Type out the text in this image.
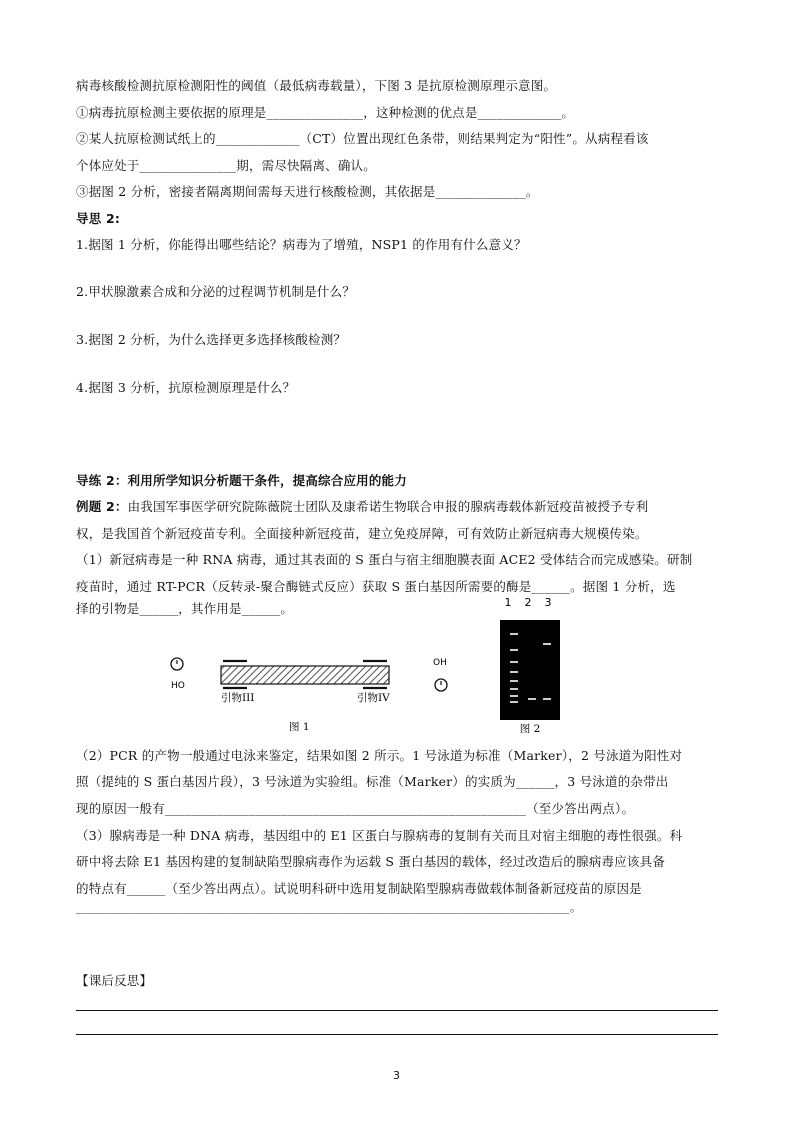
病毒核酸检测抗原检测阳性的阈值（最低病毒载量），下图 3 是抗原检测原理示意图。
①病毒抗原检测主要依据的原理是_______________，这种检测的优点是_____________。
②某人抗原检测试纸上的_____________（CT）位置出现红色条带，则结果判定为“阳性”。从病程看该
个体应处于_______________期，需尽快隔离、确认。
③据图 2 分析，密接者隔离期间需每天进行核酸检测，其依据是______________。
导思 2:
1.据图 1 分析，你能得出哪些结论？病毒为了增殖，NSP1 的作用有什么意义？
2.甲状腺激素合成和分泌的过程调节机制是什么？
3.据图 2 分析，为什么选择更多选择核酸检测？
4.据图 3 分析，抗原检测原理是什么？
导练 2：利用所学知识分析题干条件，提高综合应用的能力
例题 2：由我国军事医学研究院陈薇院士团队及康希诺生物联合申报的腺病毒载体新冠疫苗被授予专利
权，是我国首个新冠疫苗专利。全面接种新冠疫苗，建立免疫屏障，可有效防止新冠病毒大规模传染。
（1）新冠病毒是一种 RNA 病毒，通过其表面的 S 蛋白与宿主细胞膜表面 ACE2 受体结合而完成感染。研制
疫苗时，通过 RT-PCR（反转录-聚合酶链式反应）获取 S 蛋白基因所需要的酶是______。据图 1 分析，选
择的引物是______，其作用是______。
HO
引物III	引物IV
OH
图 1
1 2 3
图 2
（2）PCR 的产物一般通过电泳来鉴定，结果如图 2 所示。1 号泳道为标准（Marker），2 号泳道为阳性对
照（提纯的 S 蛋白基因片段），3 号泳道为实验组。标准（Marker）的实质为______，3 号泳道的杂带出
现的原因一般有________________________________________________________（至少答出两点）。
（3）腺病毒是一种 DNA 病毒，基因组中的 E1 区蛋白与腺病毒的复制有关而且对宿主细胞的毒性很强。科
研中将去除 E1 基因构建的复制缺陷型腺病毒作为运载 S 蛋白基因的载体，经过改造后的腺病毒应该具备
的特点有______（至少答出两点）。试说明科研中选用复制缺陷型腺病毒做载体制备新冠疫苗的原因是
___________________________________________________________________________________。
【课后反思】
3
